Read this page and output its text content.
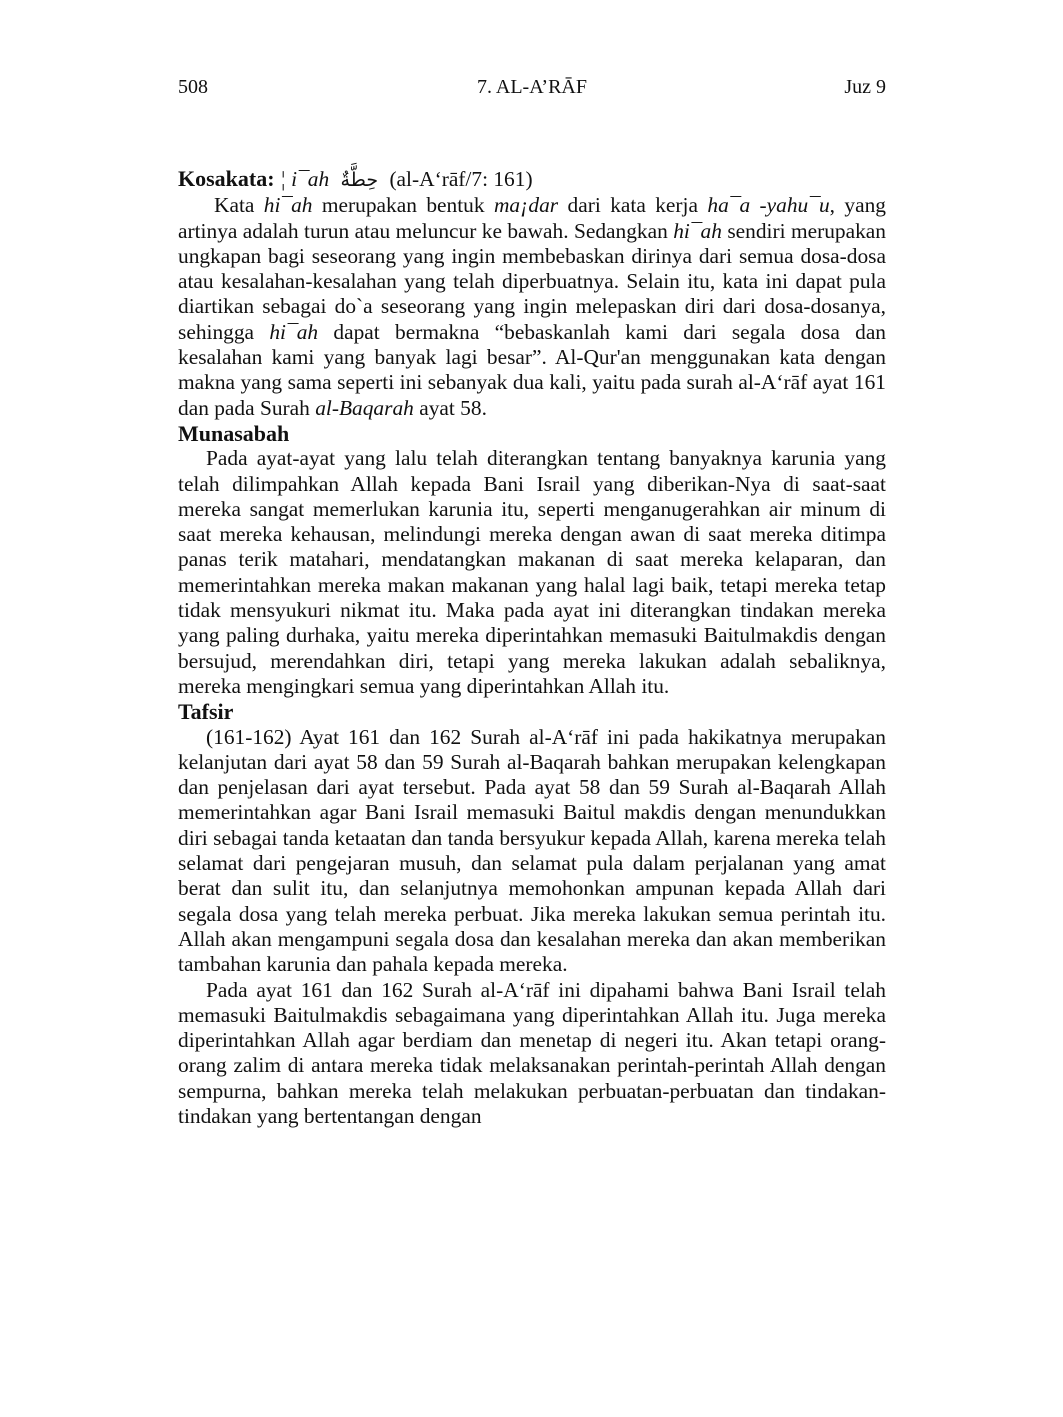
508	7. AL-A’RĀF	Juz 9

Kosakata: ¦ i¯ah حِطَّةٌ (al-A‘rāf/7: 161)

Kata hi¯ah merupakan bentuk ma¡dar dari kata kerja ha¯a -yahu¯u, yang artinya adalah turun atau meluncur ke bawah. Sedangkan hi¯ah sendiri merupakan ungkapan bagi seseorang yang ingin membebaskan dirinya dari semua dosa-dosa atau kesalahan-kesalahan yang telah diperbuatnya. Selain itu, kata ini dapat pula diartikan sebagai do`a seseorang yang ingin melepaskan diri dari dosa-dosanya, sehingga hi¯ah dapat bermakna “bebaskanlah kami dari segala dosa dan kesalahan kami yang banyak lagi besar”. Al-Qur'an menggunakan kata dengan makna yang sama seperti ini sebanyak dua kali, yaitu pada surah al-A‘rāf ayat 161 dan pada Surah al-Baqarah ayat 58.

Munasabah

Pada ayat-ayat yang lalu telah diterangkan tentang banyaknya karunia yang telah dilimpahkan Allah kepada Bani Israil yang diberikan-Nya di saat-saat mereka sangat memerlukan karunia itu, seperti menganugerahkan air minum di saat mereka kehausan, melindungi mereka dengan awan di saat mereka ditimpa panas terik matahari, mendatangkan makanan di saat mereka kelaparan, dan memerintahkan mereka makan makanan yang halal lagi baik, tetapi mereka tetap tidak mensyukuri nikmat itu. Maka pada ayat ini diterangkan tindakan mereka yang paling durhaka, yaitu mereka diperintahkan memasuki Baitulmakdis dengan bersujud, merendahkan diri, tetapi yang mereka lakukan adalah sebaliknya, mereka mengingkari semua yang diperintahkan Allah itu.

Tafsir

(161-162) Ayat 161 dan 162 Surah al-A‘rāf ini pada hakikatnya merupakan kelanjutan dari ayat 58 dan 59 Surah al-Baqarah bahkan merupakan kelengkapan dan penjelasan dari ayat tersebut. Pada ayat 58 dan 59 Surah al-Baqarah Allah memerintahkan agar Bani Israil memasuki Baitul makdis dengan menundukkan diri sebagai tanda ketaatan dan tanda bersyukur kepada Allah, karena mereka telah selamat dari pengejaran musuh, dan selamat pula dalam perjalanan yang amat berat dan sulit itu, dan selanjutnya memohonkan ampunan kepada Allah dari segala dosa yang telah mereka perbuat. Jika mereka lakukan semua perintah itu. Allah akan mengampuni segala dosa dan kesalahan mereka dan akan memberikan tambahan karunia dan pahala kepada mereka.

Pada ayat 161 dan 162 Surah al-A‘rāf ini dipahami bahwa Bani Israil telah memasuki Baitulmakdis sebagaimana yang diperintahkan Allah itu. Juga mereka diperintahkan Allah agar berdiam dan menetap di negeri itu. Akan tetapi orang-orang zalim di antara mereka tidak melaksanakan perintah-perintah Allah dengan sempurna, bahkan mereka telah melakukan perbuatan-perbuatan dan tindakan-tindakan yang bertentangan dengan
